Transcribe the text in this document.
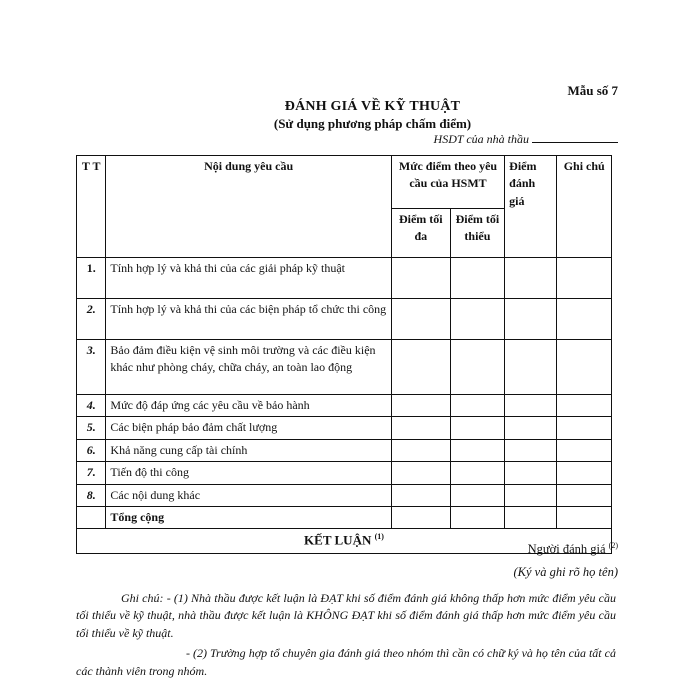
Mẫu số 7
ĐÁNH GIÁ VỀ KỸ THUẬT
(Sử dụng phương pháp chấm điểm)
HSDT của nhà thầu
T T	Nội dung yêu cầu	Mức điểm theo yêu cầu của HSMT		Điểm đánh giá	Ghi chú
		Điểm tối đa	Điểm tối thiểu		
1.	Tính hợp lý và khả thi của các giải pháp kỹ thuật				
2.	Tính hợp lý và khả thi của các biện pháp tổ chức thi công				
3.	Bảo đảm điều kiện vệ sinh môi trường và các điều kiện khác như phòng cháy, chữa cháy, an toàn lao động				
4.	Mức độ đáp ứng các yêu cầu về bảo hành				
5.	Các biện pháp bảo đảm chất lượng				
6.	Khả năng cung cấp tài chính				
7.	Tiến độ thi công				
8.	Các nội dung khác				
	Tổng cộng				
KẾT LUẬN $^{(1)}$
Người đánh giá $^{(2)}$
(Ký và ghi rõ họ tên)

Ghi chú: - (1) Nhà thầu được kết luận là ĐẠT khi số điểm đánh giá không thấp hơn mức điểm yêu cầu tối thiểu về kỹ thuật, nhà thầu được kết luận là KHÔNG ĐẠT khi số điểm đánh giá thấp hơn mức điểm yêu cầu tối thiểu về kỹ thuật.

- (2) Trường hợp tổ chuyên gia đánh giá theo nhóm thì cần có chữ ký và họ tên của tất cả các thành viên trong nhóm.
